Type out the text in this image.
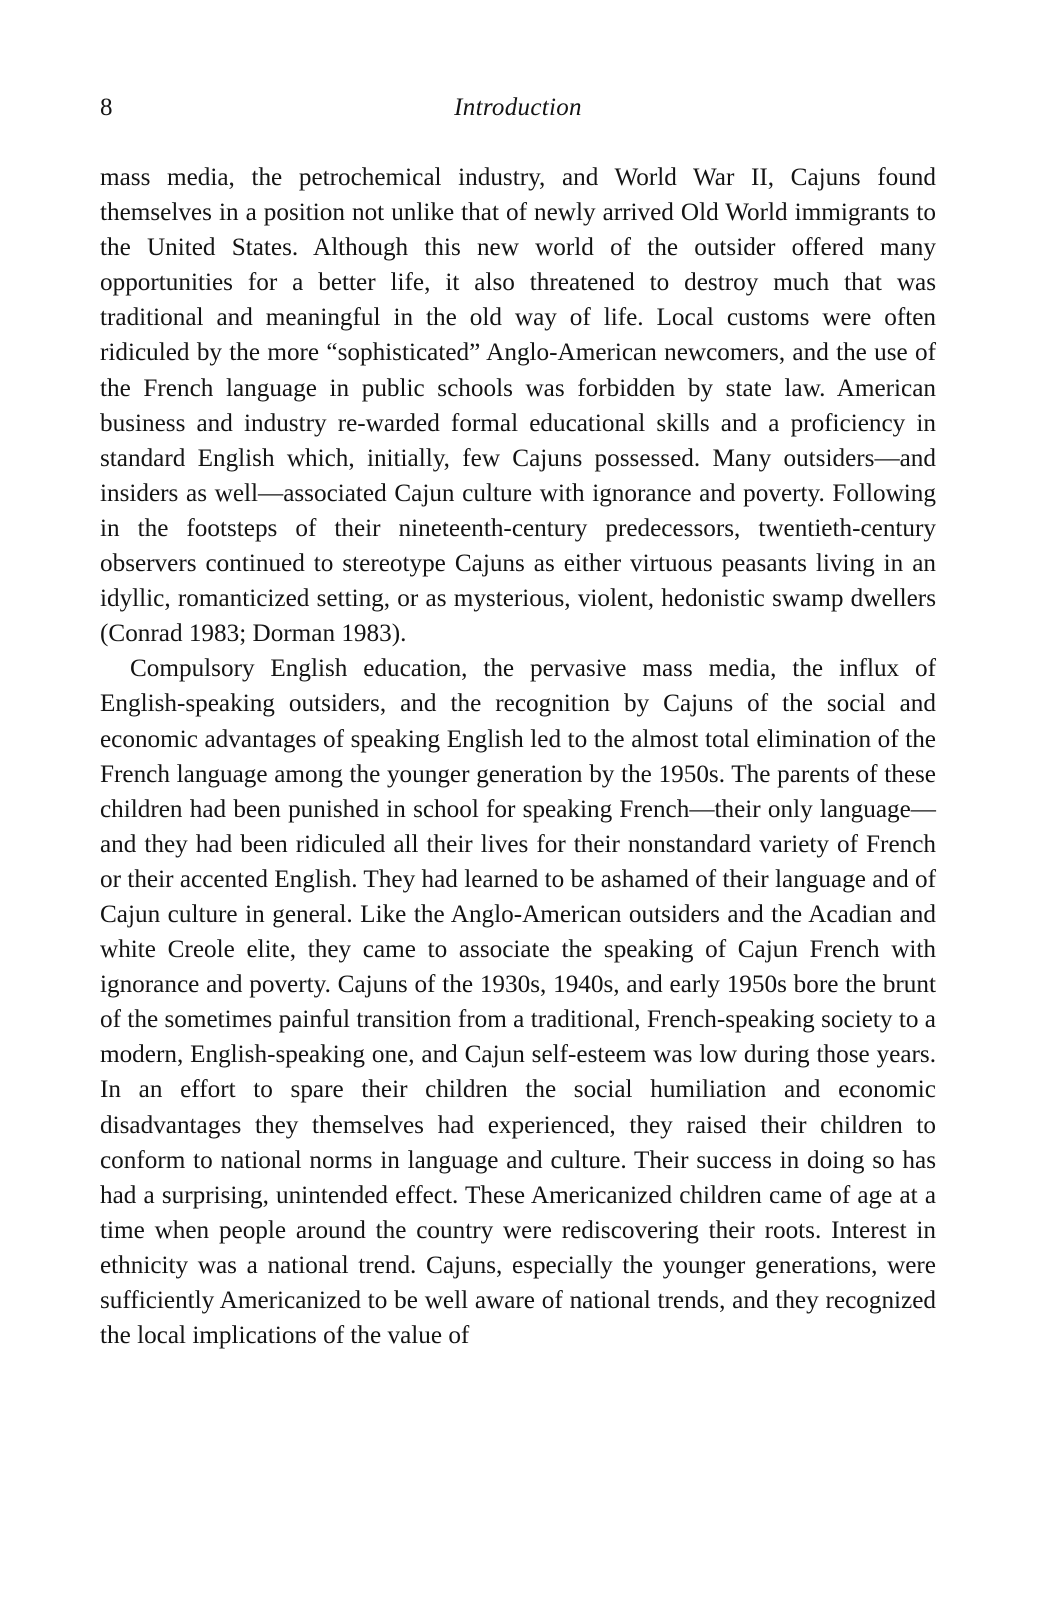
8	Introduction

mass media, the petrochemical industry, and World War II, Cajuns found themselves in a position not unlike that of newly arrived Old World immigrants to the United States. Although this new world of the outsider offered many opportunities for a better life, it also threatened to destroy much that was traditional and meaningful in the old way of life. Local customs were often ridiculed by the more “sophisticated” Anglo-American newcomers, and the use of the French language in public schools was forbidden by state law. American business and industry re-warded formal educational skills and a proficiency in standard English which, initially, few Cajuns possessed. Many outsiders—and insiders as well—associated Cajun culture with ignorance and poverty. Following in the footsteps of their nineteenth-century predecessors, twentieth-century observers continued to stereotype Cajuns as either virtuous peasants living in an idyllic, romanticized setting, or as mysterious, violent, hedonistic swamp dwellers (Conrad 1983; Dorman 1983).

Compulsory English education, the pervasive mass media, the influx of English-speaking outsiders, and the recognition by Cajuns of the social and economic advantages of speaking English led to the almost total elimination of the French language among the younger generation by the 1950s. The parents of these children had been punished in school for speaking French—their only language—and they had been ridiculed all their lives for their nonstandard variety of French or their accented English. They had learned to be ashamed of their language and of Cajun culture in general. Like the Anglo-American outsiders and the Acadian and white Creole elite, they came to associate the speaking of Cajun French with ignorance and poverty. Cajuns of the 1930s, 1940s, and early 1950s bore the brunt of the sometimes painful transition from a traditional, French-speaking society to a modern, English-speaking one, and Cajun self-esteem was low during those years. In an effort to spare their children the social humiliation and economic disadvantages they themselves had experienced, they raised their children to conform to national norms in language and culture. Their success in doing so has had a surprising, unintended effect. These Americanized children came of age at a time when people around the country were rediscovering their roots. Interest in ethnicity was a national trend. Cajuns, especially the younger generations, were sufficiently Americanized to be well aware of national trends, and they recognized the local implications of the value of
